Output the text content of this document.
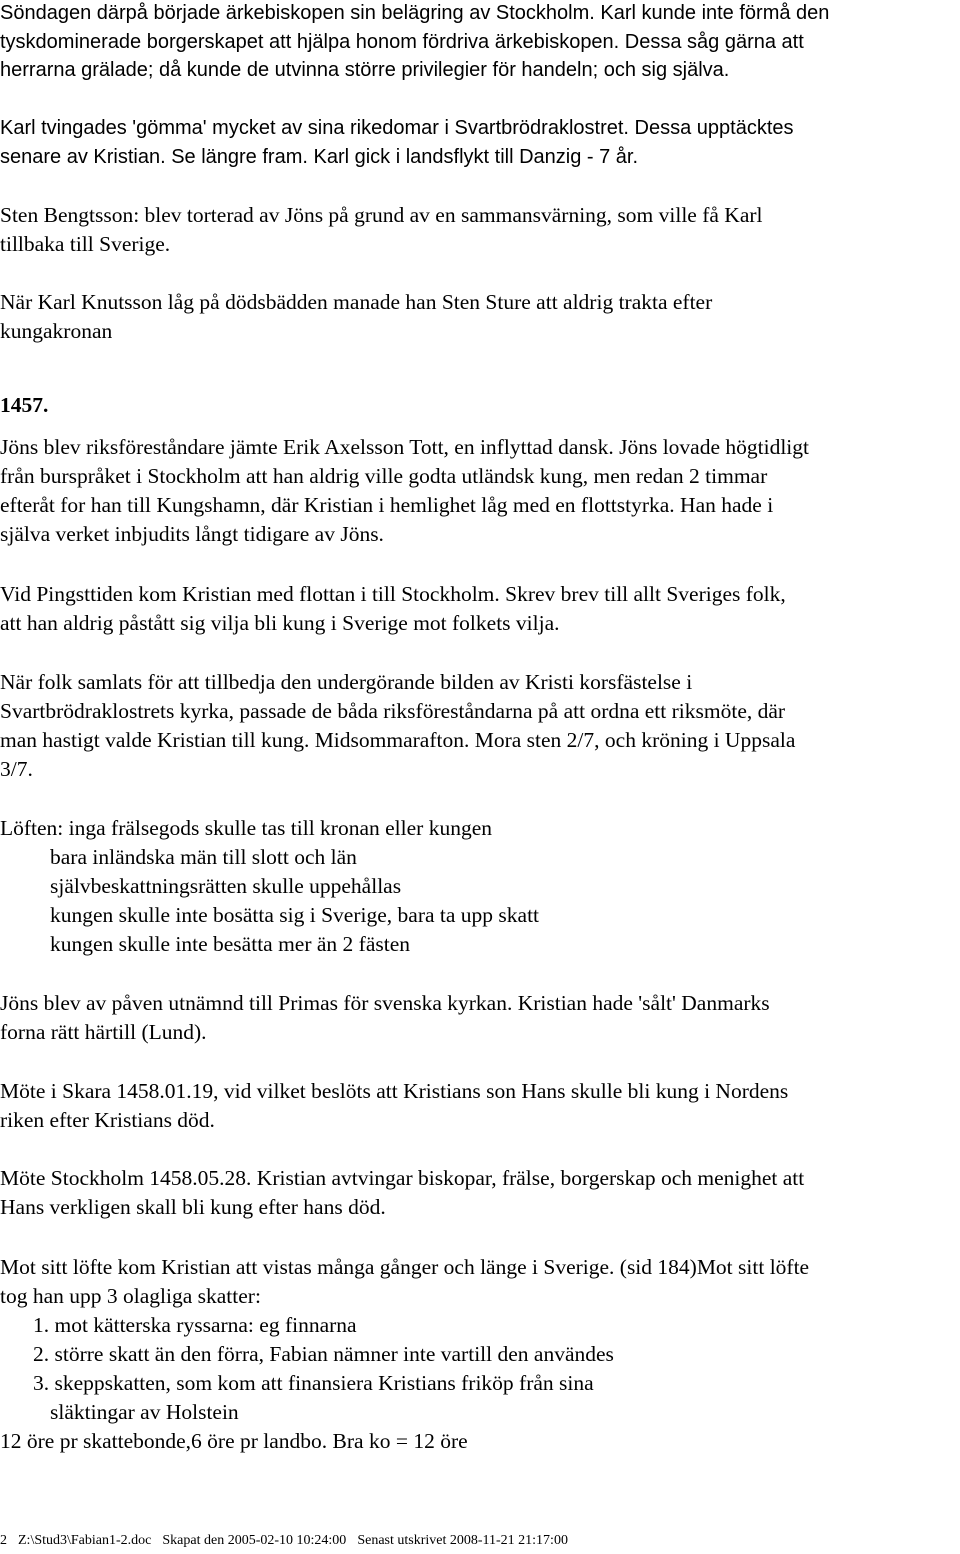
Söndagen därpå började ärkebiskopen sin belägring av Stockholm. Karl kunde inte förmå den

tyskdominerade borgerskapet att hjälpa honom fördriva ärkebiskopen. Dessa såg gärna att

herrarna grälade; då kunde de utvinna större privilegier för handeln; och sig själva.

Karl tvingades 'gömma' mycket av sina rikedomar i Svartbrödraklostret. Dessa upptäcktes

senare av Kristian. Se längre fram. Karl gick i landsflykt till Danzig - 7 år.

Sten Bengtsson: blev torterad av Jöns på grund av en sammansvärning, som ville få Karl

tillbaka till Sverige.

När Karl Knutsson låg på dödsbädden manade han Sten Sture att aldrig trakta efter

kungakronan

1457.

Jöns blev riksföreståndare jämte Erik Axelsson Tott, en inflyttad dansk. Jöns lovade högtidligt

från burspråket i Stockholm att han aldrig ville godta utländsk kung, men redan 2 timmar

efteråt for han till Kungshamn, där Kristian i hemlighet låg med en flottstyrka. Han hade i

själva verket inbjudits långt tidigare av Jöns.

Vid Pingsttiden kom Kristian med flottan i till Stockholm. Skrev brev till allt Sveriges folk,

att han aldrig påstått sig vilja bli kung i Sverige mot folkets vilja.

När folk samlats för att tillbedja den undergörande bilden av Kristi korsfästelse i

Svartbrödraklostrets kyrka, passade de båda riksföreståndarna på att ordna ett riksmöte, där

man hastigt valde Kristian till kung. Midsommarafton. Mora sten 2/7, och kröning i Uppsala

3/7.

Löften: inga frälsegods skulle tas till kronan eller kungen

bara inländska män till slott och län

självbeskattningsrätten skulle uppehållas

kungen skulle inte bosätta sig i Sverige, bara ta upp skatt

kungen skulle inte besätta mer än 2 fästen

Jöns blev av påven utnämnd till Primas för svenska kyrkan. Kristian hade 'sålt' Danmarks

forna rätt härtill (Lund).

Möte i Skara 1458.01.19, vid vilket beslöts att Kristians son Hans skulle bli kung i Nordens

riken efter Kristians död.

Möte Stockholm 1458.05.28. Kristian avtvingar biskopar, frälse, borgerskap och menighet att

Hans verkligen skall bli kung efter hans död.

Mot sitt löfte kom Kristian att vistas många gånger och länge i Sverige. (sid 184)Mot sitt löfte

tog han upp 3 olagliga skatter:

1. mot kätterska ryssarna: eg finnarna

2. större skatt än den förra, Fabian nämner inte vartill den användes

3. skeppskatten, som kom att finansiera Kristians friköp från sina

släktingar av Holstein

12 öre pr skattebonde,6 öre pr landbo. Bra ko = 12 öre

2 Z:\Stud3\Fabian1-2.doc Skapat den 2005-02-10 10:24:00 Senast utskrivet 2008-11-21 21:17:00
